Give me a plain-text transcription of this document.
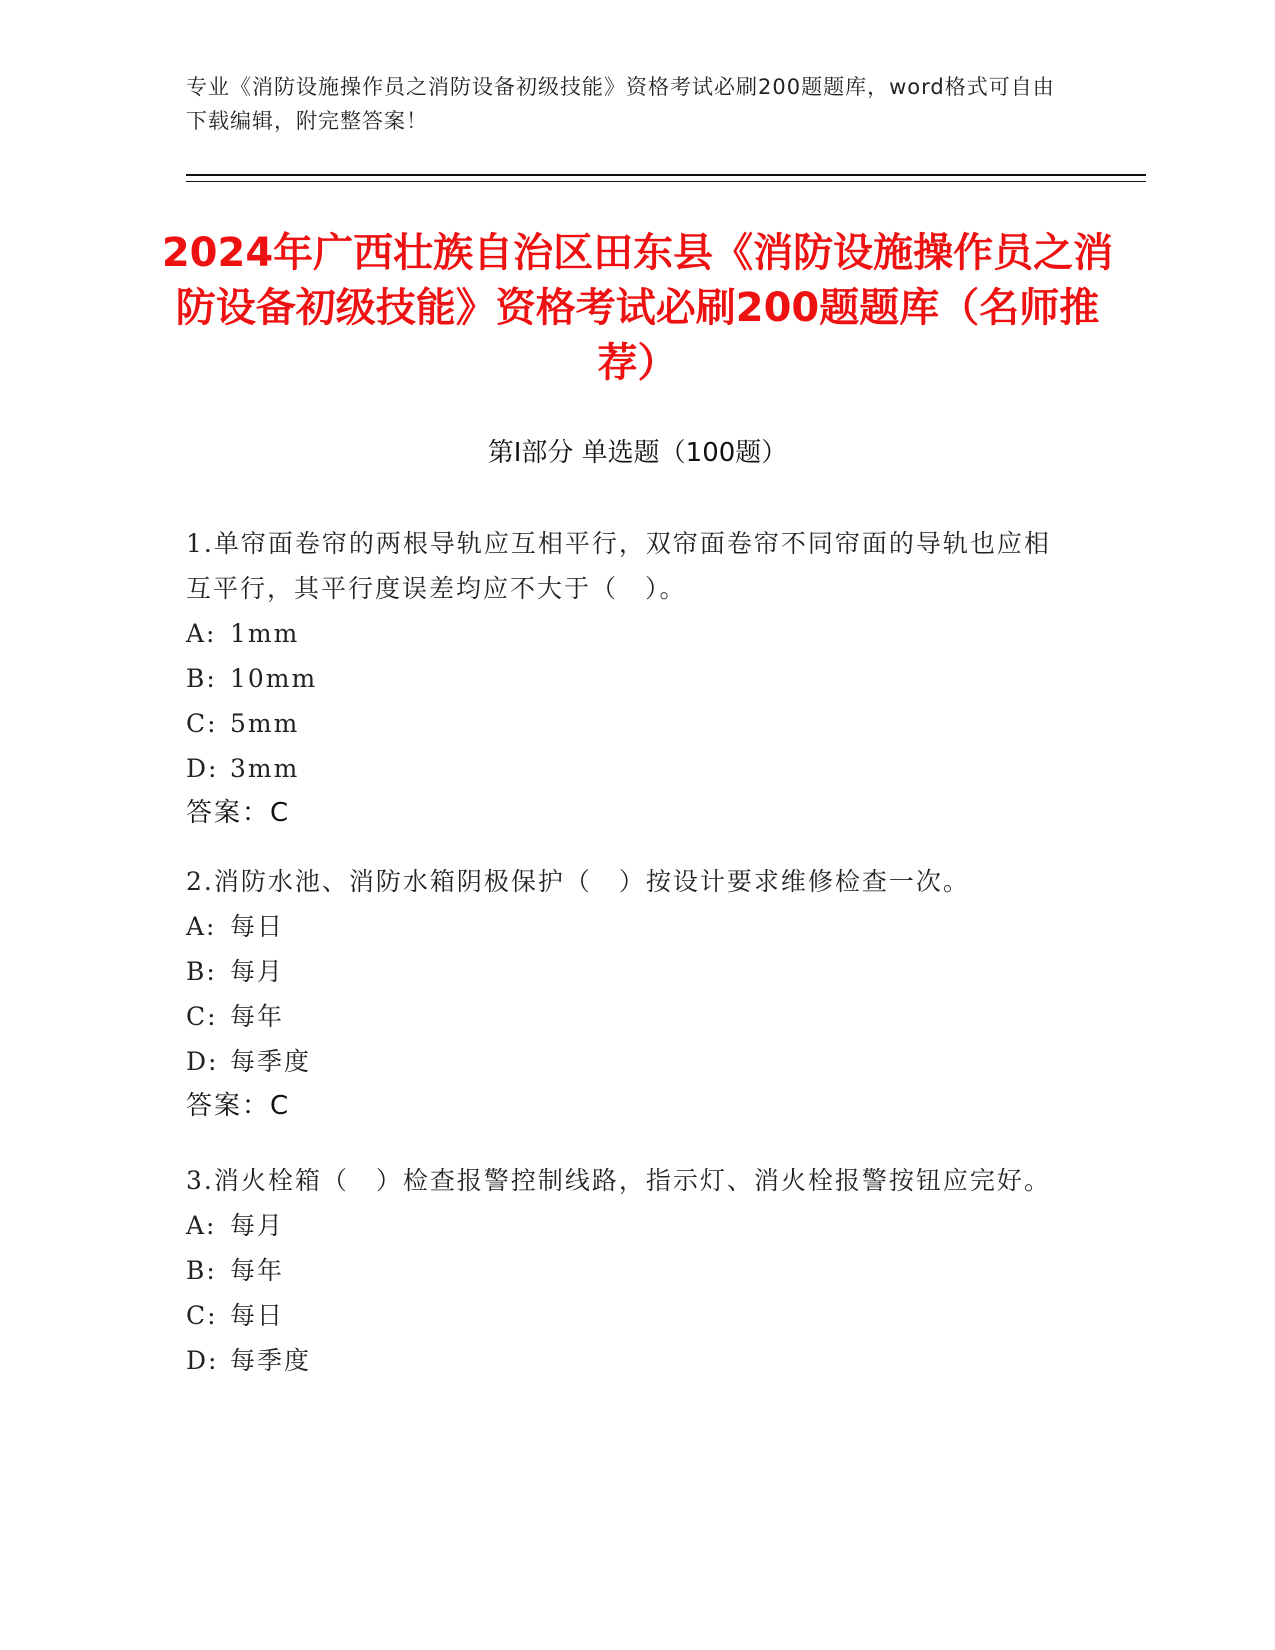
专业《消防设施操作员之消防设备初级技能》资格考试必刷200题题库，word格式可自由下载编辑，附完整答案！
2024年广西壮族自治区田东县《消防设施操作员之消防设备初级技能》资格考试必刷200题题库（名师推荐）
第Ⅰ部分 单选题（100题）

1.单帘面卷帘的两根导轨应互相平行，双帘面卷帘不同帘面的导轨也应相互平行，其平行度误差均应不大于（　）。

A: 1mm
B: 10mm
C: 5mm
D: 3mm
答案：C

2.消防水池、消防水箱阴极保护（　）按设计要求维修检查一次。

A: 每日
B: 每月
C: 每年
D: 每季度
答案：C

3.消火栓箱（　）检查报警控制线路，指示灯、消火栓报警按钮应完好。

A: 每月
B: 每年
C: 每日
D: 每季度
